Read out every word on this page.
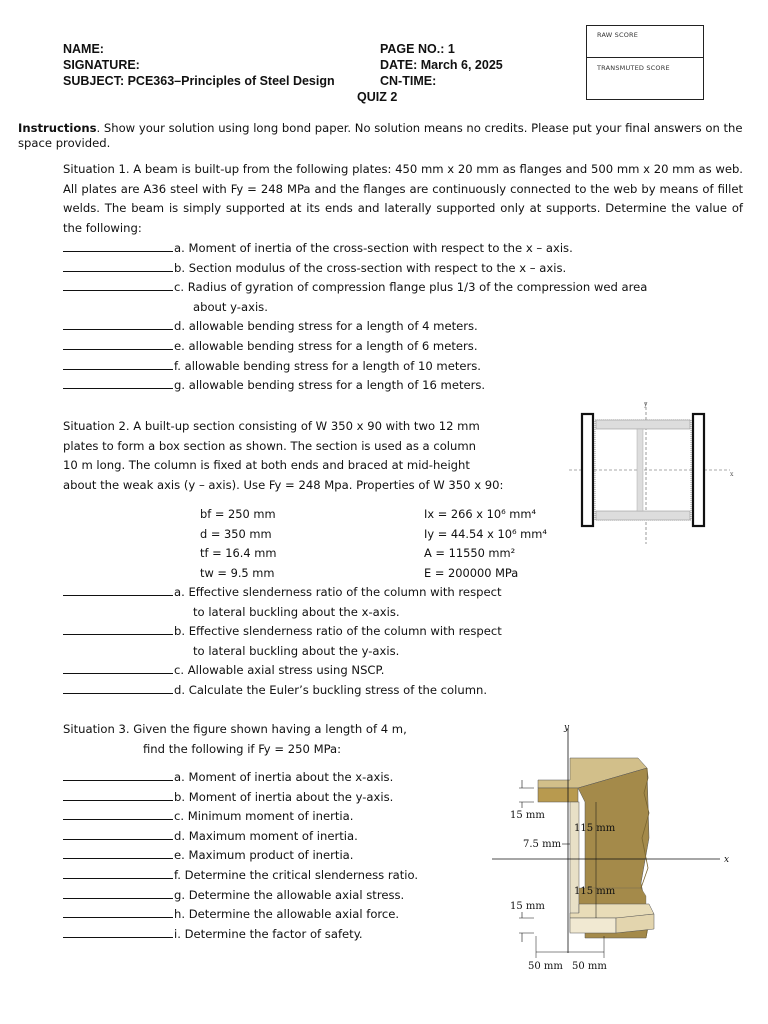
NAME:
SIGNATURE:
SUBJECT: PCE363–Principles of Steel Design
PAGE NO.: 1
DATE: March 6, 2025
CN-TIME:
QUIZ 2
RAW SCORE
TRANSMUTED SCORE
Instructions. Show your solution using long bond paper. No solution means no credits. Please put your final answers on the space provided.
Situation 1. A beam is built-up from the following plates: 450 mm x 20 mm as flanges and 500 mm x 20 mm as web. All plates are A36 steel with Fy = 248 MPa and the flanges are continuously connected to the web by means of fillet welds. The beam is simply supported at its ends and laterally supported only at supports. Determine the value of the following:
a. Moment of inertia of the cross-section with respect to the x – axis.
b. Section modulus of the cross-section with respect to the x – axis.
c. Radius of gyration of compression flange plus 1/3 of the compression wed area
about y-axis.
d. allowable bending stress for a length of 4 meters.
e. allowable bending stress for a length of 6 meters.
f. allowable bending stress for a length of 10 meters.
g. allowable bending stress for a length of 16 meters.
Situation 2. A built-up section consisting of W 350 x 90 with two 12 mm
plates to form a box section as shown. The section is used as a column
10 m long. The column is fixed at both ends and braced at mid-height
about the weak axis (y – axis). Use Fy = 248 Mpa. Properties of W 350 x 90:
bf = 250 mm
d = 350 mm
tf = 16.4 mm
tw = 9.5 mm
Ix = 266 x 10⁶ mm⁴
Iy = 44.54 x 10⁶ mm⁴
A = 11550 mm²
E = 200000 MPa
a. Effective slenderness ratio of the column with respect
to lateral buckling about the x-axis.
b. Effective slenderness ratio of the column with respect
to lateral buckling about the y-axis.
c. Allowable axial stress using NSCP.
d. Calculate the Euler’s buckling stress of the column.
y
x
Situation 3. Given the figure shown having a length of 4 m,
find the following if Fy = 250 MPa:
a. Moment of inertia about the x-axis.
b. Moment of inertia about the y-axis.
c. Minimum moment of inertia.
d. Maximum moment of inertia.
e. Maximum product of inertia.
f. Determine the critical slenderness ratio.
g. Determine the allowable axial stress.
h. Determine the allowable axial force.
i. Determine the factor of safety.
y
x
15 mm
7.5 mm
115 mm
115 mm
15 mm
50 mm 50 mm
